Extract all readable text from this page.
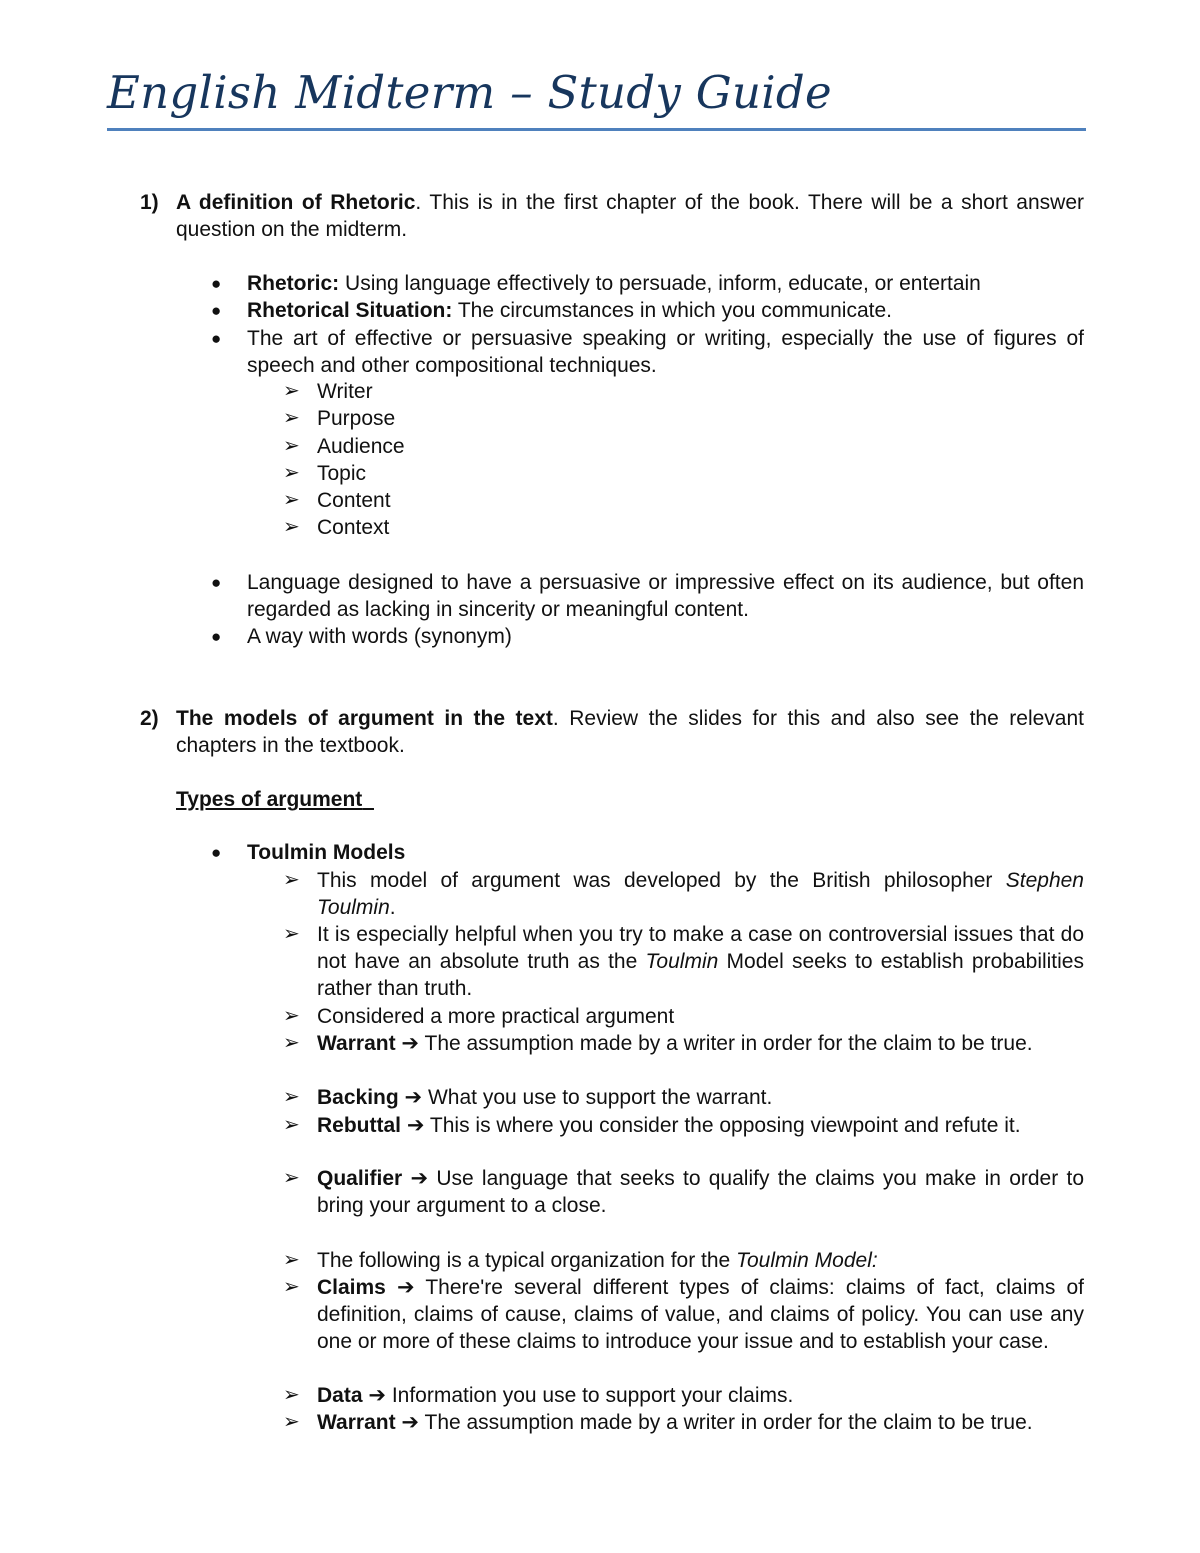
English Midterm – Study Guide
1) A definition of Rhetoric. This is in the first chapter of the book. There will be a short answer question on the midterm.
● Rhetoric: Using language effectively to persuade, inform, educate, or entertain
● Rhetorical Situation: The circumstances in which you communicate.
● The art of effective or persuasive speaking or writing, especially the use of figures of speech and other compositional techniques.
➢ Writer
➢ Purpose
➢ Audience
➢ Topic
➢ Content
➢ Context
● Language designed to have a persuasive or impressive effect on its audience, but often regarded as lacking in sincerity or meaningful content.
● A way with words (synonym)
2) The models of argument in the text. Review the slides for this and also see the relevant chapters in the textbook.
Types of argument
● Toulmin Models
➢ This model of argument was developed by the British philosopher Stephen Toulmin.
➢ It is especially helpful when you try to make a case on controversial issues that do not have an absolute truth as the Toulmin Model seeks to establish probabilities rather than truth.
➢ Considered a more practical argument
➢ Warrant ➔ The assumption made by a writer in order for the claim to be true.
➢ Backing ➔ What you use to support the warrant.
➢ Rebuttal ➔ This is where you consider the opposing viewpoint and refute it.
➢ Qualifier ➔ Use language that seeks to qualify the claims you make in order to bring your argument to a close.
➢ The following is a typical organization for the Toulmin Model:
➢ Claims ➔ There're several different types of claims: claims of fact, claims of definition, claims of cause, claims of value, and claims of policy. You can use any one or more of these claims to introduce your issue and to establish your case.
➢ Data ➔ Information you use to support your claims.
➢ Warrant ➔ The assumption made by a writer in order for the claim to be true.
